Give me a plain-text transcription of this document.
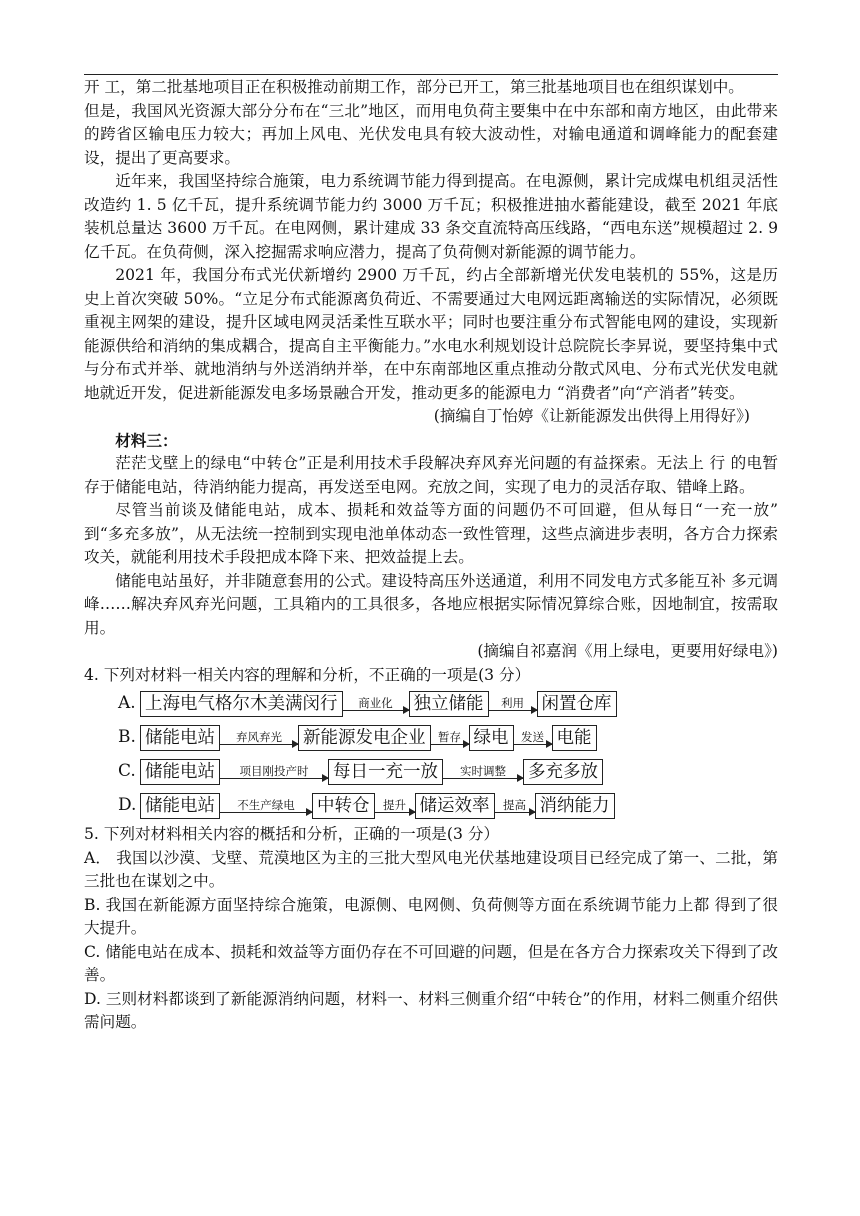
开 工，第二批基地项目正在积极推动前期工作，部分已开工，第三批基地项目也在组织谋划中。

但是，我国风光资源大部分分布在“三北”地区，而用电负荷主要集中在中东部和南方地区，由此带来的跨省区输电压力较大；再加上风电、光伏发电具有较大波动性，对输电通道和调峰能力的配套建设，提出了更高要求。

近年来，我国坚持综合施策，电力系统调节能力得到提高。在电源侧，累计完成煤电机组灵活性改造约 1. 5 亿千瓦，提升系统调节能力约 3000 万千瓦；积极推进抽水蓄能建设，截至 2021 年底装机总量达 3600 万千瓦。在电网侧，累计建成 33 条交直流特高压线路，“西电东送”规模超过 2. 9 亿千瓦。在负荷侧，深入挖掘需求响应潜力，提高了负荷侧对新能源的调节能力。

2021 年，我国分布式光伏新增约 2900 万千瓦，约占全部新增光伏发电装机的 55%，这是历史上首次突破 50%。“立足分布式能源离负荷近、不需要通过大电网远距离输送的实际情况，必须既重视主网架的建设，提升区域电网灵活柔性互联水平；同时也要注重分布式智能电网的建设，实现新能源供给和消纳的集成耦合，提高自主平衡能力。”水电水利规划设计总院院长李昇说，要坚持集中式与分布式并举、就地消纳与外送消纳并举，在中东南部地区重点推动分散式风电、分布式光伏发电就地就近开发，促进新能源发电多场景融合开发，推动更多的能源电力 “消费者”向“产消者”转变。

(摘编自丁怡婷《让新能源发出供得上用得好》)

材料三：

茫茫戈壁上的绿电“中转仓”正是利用技术手段解决弃风弃光问题的有益探索。无法上 行 的电暂存于储能电站，待消纳能力提高，再发送至电网。充放之间，实现了电力的灵活存取、错峰上路。

尽管当前谈及储能电站，成本、损耗和效益等方面的问题仍不可回避，但从每日“一充一放” 到“多充多放”，从无法统一控制到实现电池单体动态一致性管理，这些点滴进步表明，各方合力探索攻关，就能利用技术手段把成本降下来、把效益提上去。

储能电站虽好，并非随意套用的公式。建设特高压外送通道，利用不同发电方式多能互补 多元调峰……解决弃风弃光问题，工具箱内的工具很多，各地应根据实际情况算综合账，因地制宜，按需取用。

(摘编自祁嘉润《用上绿电，更要用好绿电》)

4. 下列对材料一相关内容的理解和分析，不正确的一项是(3 分）

A. 上海电气格尔木美满闵行	商业化 独立储能	利用 闲置仓库
B. 储能电站	弃风弃光 新能源发电企业	暂存 绿电	发送 电能
C. 储能电站	项目刚投产时 每日一充一放	实时调整 多充多放
D. 储能电站	不生产绿电 中转仓	提升 储运效率	提高 消纳能力

5. 下列对材料相关内容的概括和分析，正确的一项是(3 分）

A． 我国以沙漠、戈壁、荒漠地区为主的三批大型风电光伏基地建设项目已经完成了第一、二批，第三批也在谋划之中。

B. 我国在新能源方面坚持综合施策，电源侧、电网侧、负荷侧等方面在系统调节能力上都 得到了很大提升。

C. 储能电站在成本、损耗和效益等方面仍存在不可回避的问题，但是在各方合力探索攻关下得到了改善。

D. 三则材料都谈到了新能源消纳问题，材料一、材料三侧重介绍“中转仓”的作用，材料二侧重介绍供需问题。
